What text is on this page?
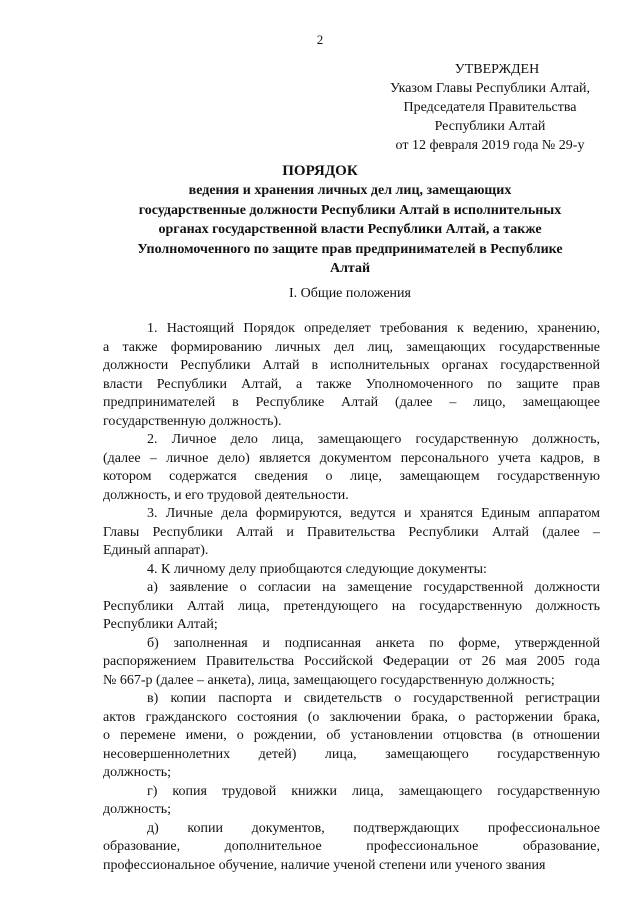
2
УТВЕРЖДЕН
Указом Главы Республики Алтай,
Председателя Правительства
Республики Алтай
от 12 февраля 2019 года № 29-у
ПОРЯДОК
ведения и хранения личных дел лиц, замещающих
государственные должности Республики Алтай в исполнительных
органах государственной власти Республики Алтай, а также
Уполномоченного по защите прав предпринимателей в Республике
Алтай
I. Общие положения

1. Настоящий Порядок определяет требования к ведению, хранению,

а также формированию личных дел лиц, замещающих государственные

должности Республики Алтай в исполнительных органах государственной

власти Республики Алтай, а также Уполномоченного по защите прав

предпринимателей в Республике Алтай (далее – лицо, замещающее

государственную должность).

2. Личное дело лица, замещающего государственную должность,

(далее – личное дело) является документом персонального учета кадров, в

котором содержатся сведения о лице, замещающем государственную

должность, и его трудовой деятельности.

3. Личные дела формируются, ведутся и хранятся Единым аппаратом

Главы Республики Алтай и Правительства Республики Алтай (далее –

Единый аппарат).

4. К личному делу приобщаются следующие документы:

а) заявление о согласии на замещение государственной должности

Республики Алтай лица, претендующего на государственную должность

Республики Алтай;

б) заполненная и подписанная анкета по форме, утвержденной

распоряжением Правительства Российской Федерации от 26 мая 2005 года

№ 667-р (далее – анкета), лица, замещающего государственную должность;

в) копии паспорта и свидетельств о государственной регистрации

актов гражданского состояния (о заключении брака, о расторжении брака,

о перемене имени, о рождении, об установлении отцовства (в отношении

несовершеннолетних детей) лица, замещающего государственную

должность;

г) копия трудовой книжки лица, замещающего государственную

должность;

д) копии документов, подтверждающих профессиональное

образование, дополнительное профессиональное образование,

профессиональное обучение, наличие ученой степени или ученого звания
